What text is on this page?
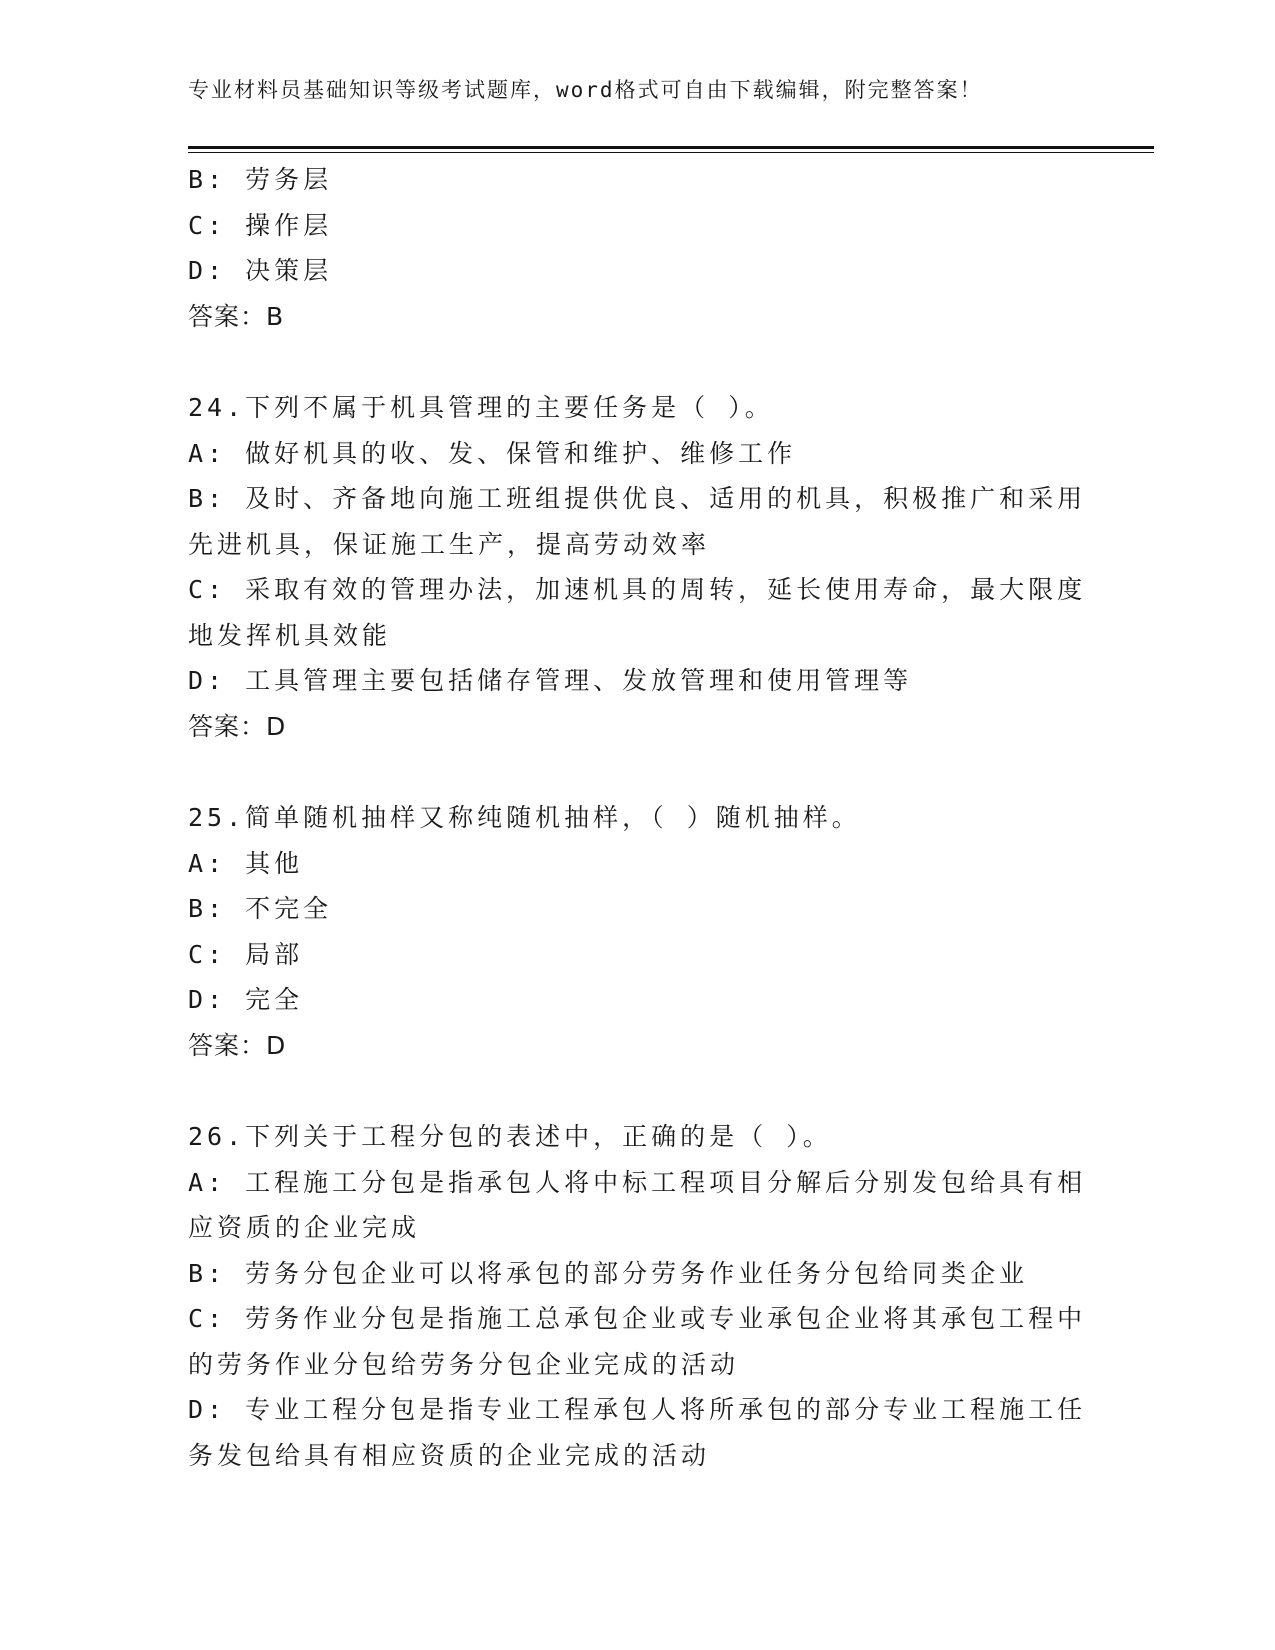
专业材料员基础知识等级考试题库，word格式可自由下载编辑，附完整答案！
B: 劳务层
C: 操作层
D: 决策层
答案：B
24.下列不属于机具管理的主要任务是（ ）。
A: 做好机具的收、发、保管和维护、维修工作
B: 及时、齐备地向施工班组提供优良、适用的机具，积极推广和采用
先进机具，保证施工生产，提高劳动效率
C: 采取有效的管理办法，加速机具的周转，延长使用寿命，最大限度
地发挥机具效能
D: 工具管理主要包括储存管理、发放管理和使用管理等
答案：D
25.简单随机抽样又称纯随机抽样，（ ）随机抽样。
A: 其他
B: 不完全
C: 局部
D: 完全
答案：D
26.下列关于工程分包的表述中，正确的是（ ）。
A: 工程施工分包是指承包人将中标工程项目分解后分别发包给具有相
应资质的企业完成
B: 劳务分包企业可以将承包的部分劳务作业任务分包给同类企业
C: 劳务作业分包是指施工总承包企业或专业承包企业将其承包工程中
的劳务作业分包给劳务分包企业完成的活动
D: 专业工程分包是指专业工程承包人将所承包的部分专业工程施工任
务发包给具有相应资质的企业完成的活动
